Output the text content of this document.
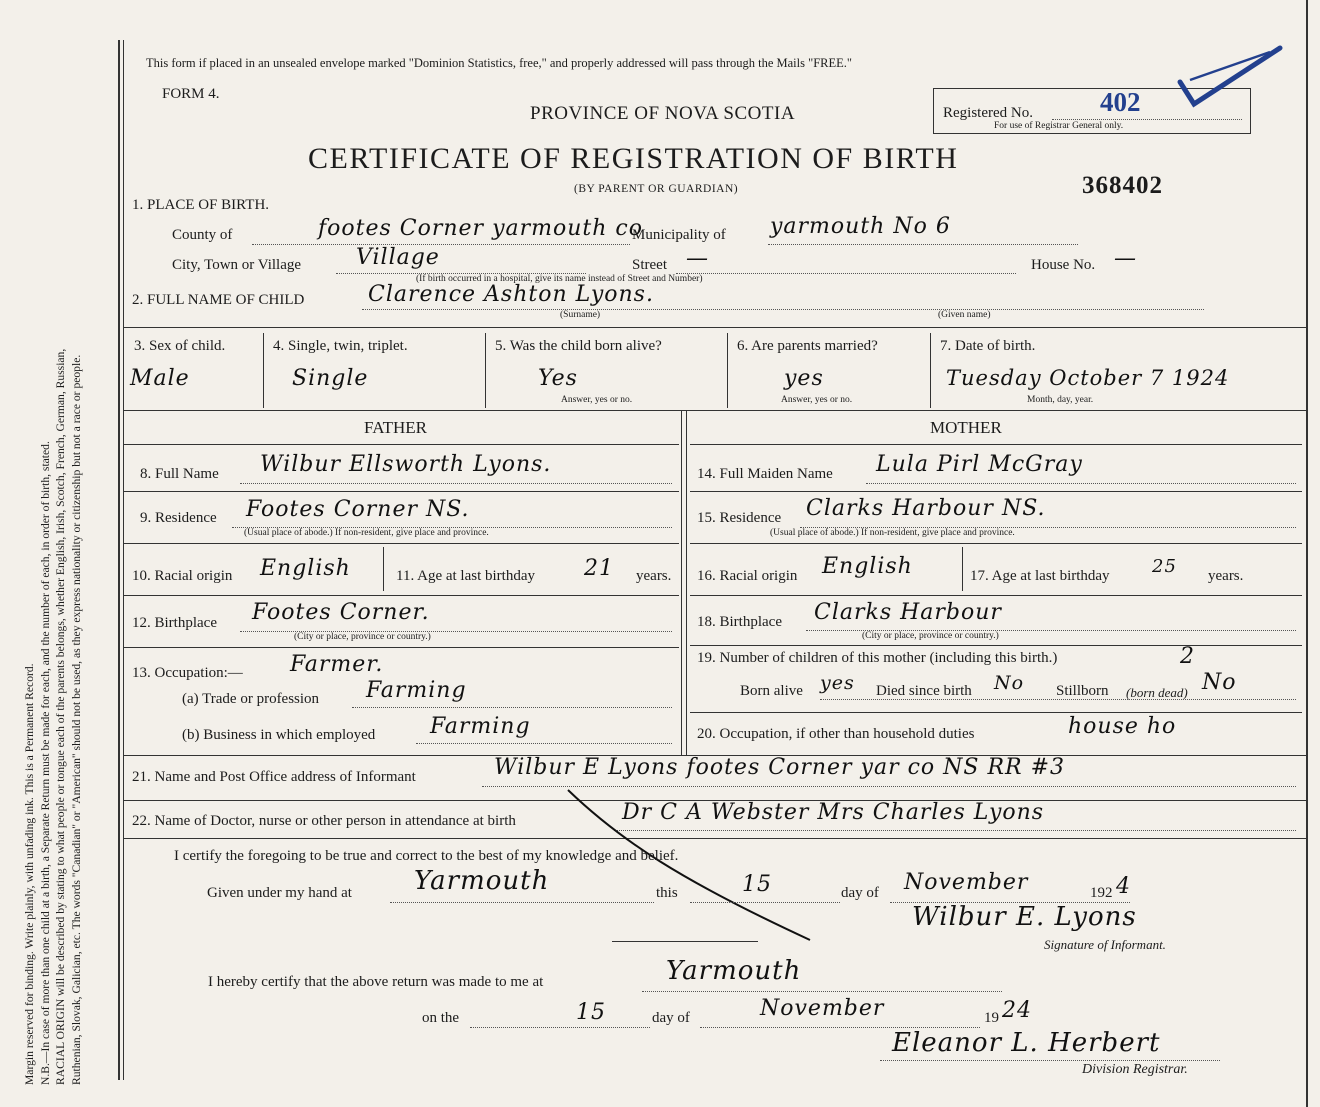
Margin reserved for binding. Write plainly, with unfading ink. This is a Permanent Record. N.B.—In case of more than one child at a birth, a Separate Return must be made for each, and the number of each, in order of birth, stated. RACIAL ORIGIN will be described by stating to what people or tongue each of the parents belongs, whether English, Irish, Scotch, French, German, Russian, Ruthenian, Slovak, Galician, etc. The words "Canadian" or "American" should not be used, as they express nationality or citizenship but not a race or people.
This form if placed in an unsealed envelope marked "Dominion Statistics, free," and properly addressed will pass through the Mails "FREE."
FORM 4.
PROVINCE OF NOVA SCOTIA
CERTIFICATE OF REGISTRATION OF BIRTH
(BY PARENT OR GUARDIAN)
Registered No.
For use of Registrar General only.
402
368402
1. PLACE OF BIRTH.
County of	footes Corner yarmouth co
Municipality of yarmouth No 6
City, Town or Village Village	Street —
(If birth occurred in a hospital, give its name instead of Street and Number)
House No. —
2. FULL NAME OF CHILD	Clarence Ashton Lyons.
(Surname)	(Given name)
3. Sex of child.
Male
4. Single, twin, triplet.
Single
5. Was the child born alive?
Yes
Answer, yes or no.
6. Are parents married?
yes
Answer, yes or no.
7. Date of birth.
Tuesday October 7 1924
Month, day, year.
FATHER	MOTHER
8. Full Name Wilbur Ellsworth Lyons.
9. Residence Footes Corner NS.
(Usual place of abode.) If non-resident, give place and province.
10. Racial origin English	11. Age at last birthday 21 years.
12. Birthplace Footes Corner.
(City or place, province or country.)
13. Occupation:— Farmer.
(a) Trade or profession Farming
(b) Business in which employed Farming
14. Full Maiden Name Lula Pirl McGray
15. Residence Clarks Harbour NS.
(Usual place of abode.) If non-resident, give place and province.
16. Racial origin English	17. Age at last birthday 25 years.
18. Birthplace Clarks Harbour
(City or place, province or country.)
19. Number of children of this mother (including this birth.)	2
Born alive yes Died since birth No Stillborn (born dead) No
20. Occupation, if other than household duties	house ho
21. Name and Post Office address of Informant	Wilbur E Lyons footes Corner yar co NS RR #3
22. Name of Doctor, nurse or other person in attendance at birth	Dr C A Webster Mrs Charles Lyons
I certify the foregoing to be true and correct to the best of my knowledge and belief.
Given under my hand at Yarmouth	this	15	day of November	192 4
Wilbur E. Lyons
Signature of Informant.
I hereby certify that the above return was made to me at	Yarmouth
on the	15	day of	November	19 24
Eleanor L. Herbert
Division Registrar.
